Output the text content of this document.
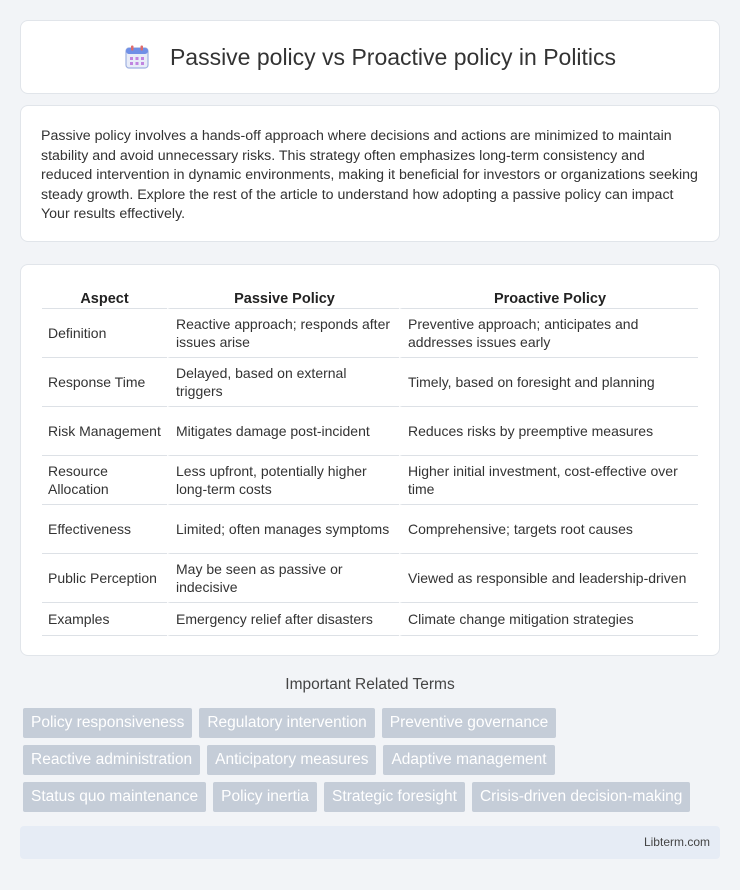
Passive policy vs Proactive policy in Politics

Passive policy involves a hands-off approach where decisions and actions are minimized to maintain stability and avoid unnecessary risks. This strategy often emphasizes long-term consistency and reduced intervention in dynamic environments, making it beneficial for investors or organizations seeking steady growth. Explore the rest of the article to understand how adopting a passive policy can impact Your results effectively.

Aspect	Passive Policy	Proactive Policy
Definition	Reactive approach; responds after issues arise	Preventive approach; anticipates and addresses issues early
Response Time	Delayed, based on external triggers	Timely, based on foresight and planning
Risk Management	Mitigates damage post-incident	Reduces risks by preemptive measures
Resource Allocation	Less upfront, potentially higher long-term costs	Higher initial investment, cost-effective over time
Effectiveness	Limited; often manages symptoms	Comprehensive; targets root causes
Public Perception	May be seen as passive or indecisive	Viewed as responsible and leadership-driven
Examples	Emergency relief after disasters	Climate change mitigation strategies
Important Related Terms
Policy responsiveness	Regulatory intervention	Preventive governance
Reactive administration	Anticipatory measures	Adaptive management
Status quo maintenance	Policy inertia	Strategic foresight	Crisis-driven decision-making
Libterm.com
